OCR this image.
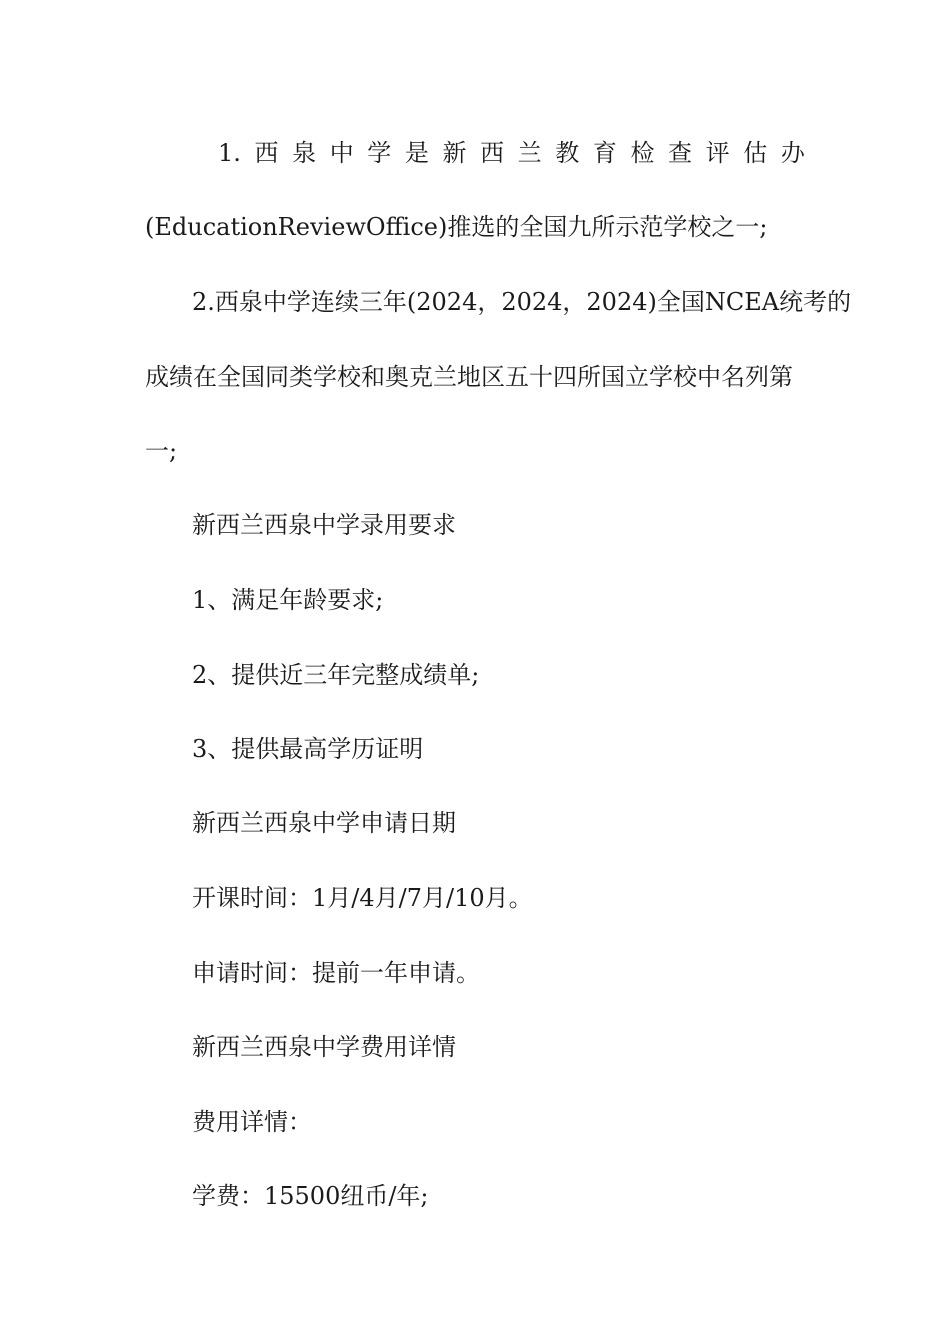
1. 西 泉 中 学 是 新 西 兰 教 育 检 查 评 估 办
(EducationReviewOffice)推选的全国九所示范学校之一;
2.西泉中学连续三年(2024，2024，2024)全国NCEA统考的
成绩在全国同类学校和奥克兰地区五十四所国立学校中名列第
一;
新西兰西泉中学录用要求
1、满足年龄要求;
2、提供近三年完整成绩单;
3、提供最高学历证明
新西兰西泉中学申请日期
开课时间：1月/4月/7月/10月。
申请时间：提前一年申请。
新西兰西泉中学费用详情
费用详情：
学费：15500纽币/年;
